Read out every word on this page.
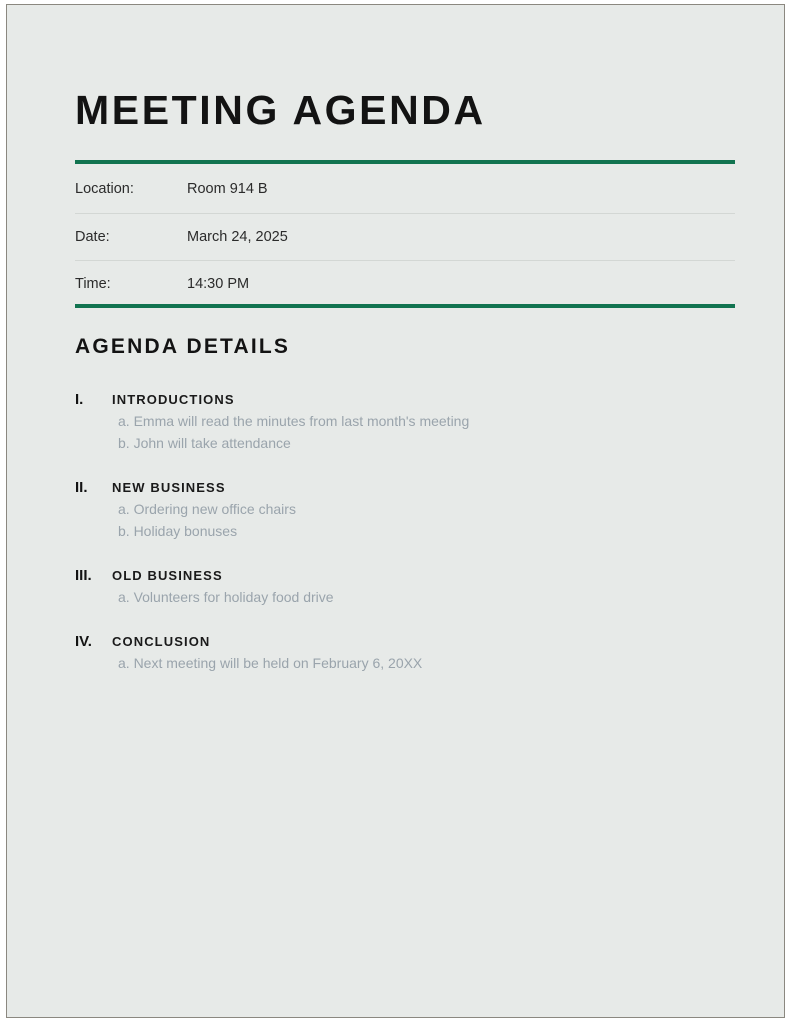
MEETING AGENDA
Location:	Room 914 B
Date:	March 24, 2025
Time:	14:30 PM
AGENDA DETAILS
I.	INTRODUCTIONS
a. Emma will read the minutes from last month's meeting
b. John will take attendance
II.	NEW BUSINESS
a. Ordering new office chairs
b. Holiday bonuses
III.	OLD BUSINESS
a. Volunteers for holiday food drive
IV.	CONCLUSION
a. Next meeting will be held on February 6, 20XX
